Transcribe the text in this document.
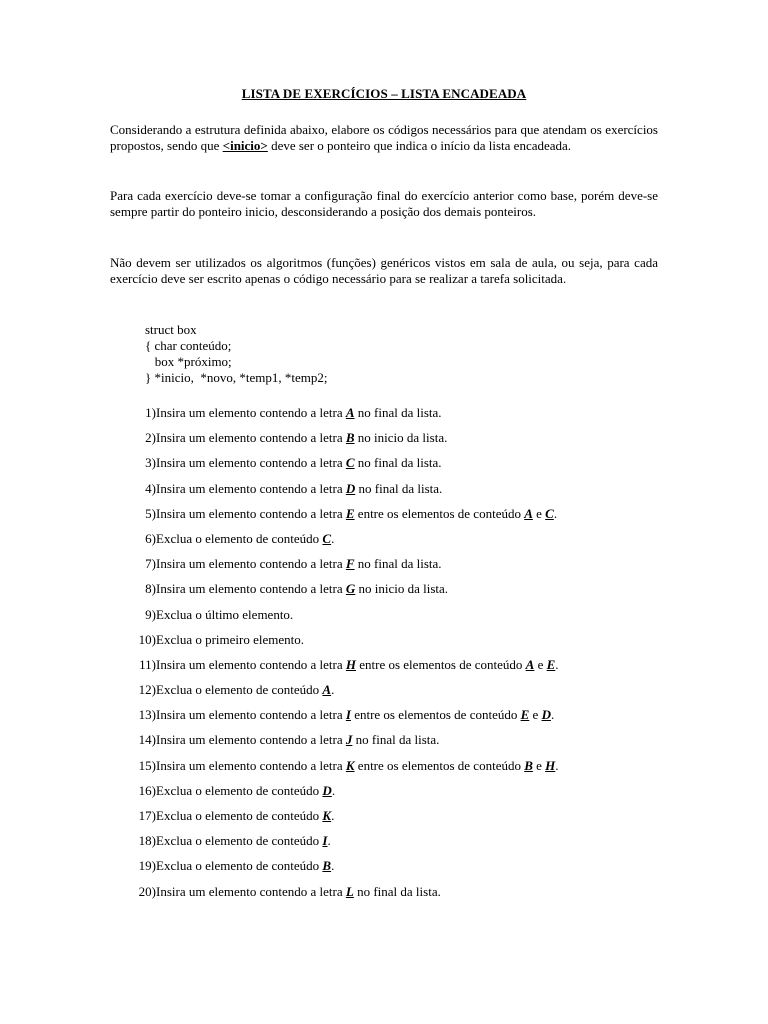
LISTA DE EXERCÍCIOS – LISTA ENCADEADA
Considerando a estrutura definida abaixo, elabore os códigos necessários para que atendam os exercícios propostos, sendo que <inicio> deve ser o ponteiro que indica o início da lista encadeada.
Para cada exercício deve-se tomar a configuração final do exercício anterior como base, porém deve-se sempre partir do ponteiro inicio, desconsiderando a posição dos demais ponteiros.
Não devem ser utilizados os algoritmos (funções) genéricos vistos em sala de aula, ou seja, para cada exercício deve ser escrito apenas o código necessário para se realizar a tarefa solicitada.
struct box
{ char conteúdo;
box *próximo;
} *inicio,  *novo, *temp1, *temp2;
1) Insira um elemento contendo a letra A no final da lista.
2) Insira um elemento contendo a letra B no inicio da lista.
3) Insira um elemento contendo a letra C no final da lista.
4) Insira um elemento contendo a letra D no final da lista.
5) Insira um elemento contendo a letra E entre os elementos de conteúdo A e C.
6) Exclua o elemento de conteúdo C.
7) Insira um elemento contendo a letra F no final da lista.
8) Insira um elemento contendo a letra G no inicio da lista.
9) Exclua o último elemento.
10) Exclua o primeiro elemento.
11) Insira um elemento contendo a letra H entre os elementos de conteúdo A e E.
12) Exclua o elemento de conteúdo A.
13) Insira um elemento contendo a letra I entre os elementos de conteúdo E e D.
14) Insira um elemento contendo a letra J no final da lista.
15) Insira um elemento contendo a letra K entre os elementos de conteúdo B e H.
16) Exclua o elemento de conteúdo D.
17) Exclua o elemento de conteúdo K.
18) Exclua o elemento de conteúdo I.
19) Exclua o elemento de conteúdo B.
20) Insira um elemento contendo a letra L no final da lista.
